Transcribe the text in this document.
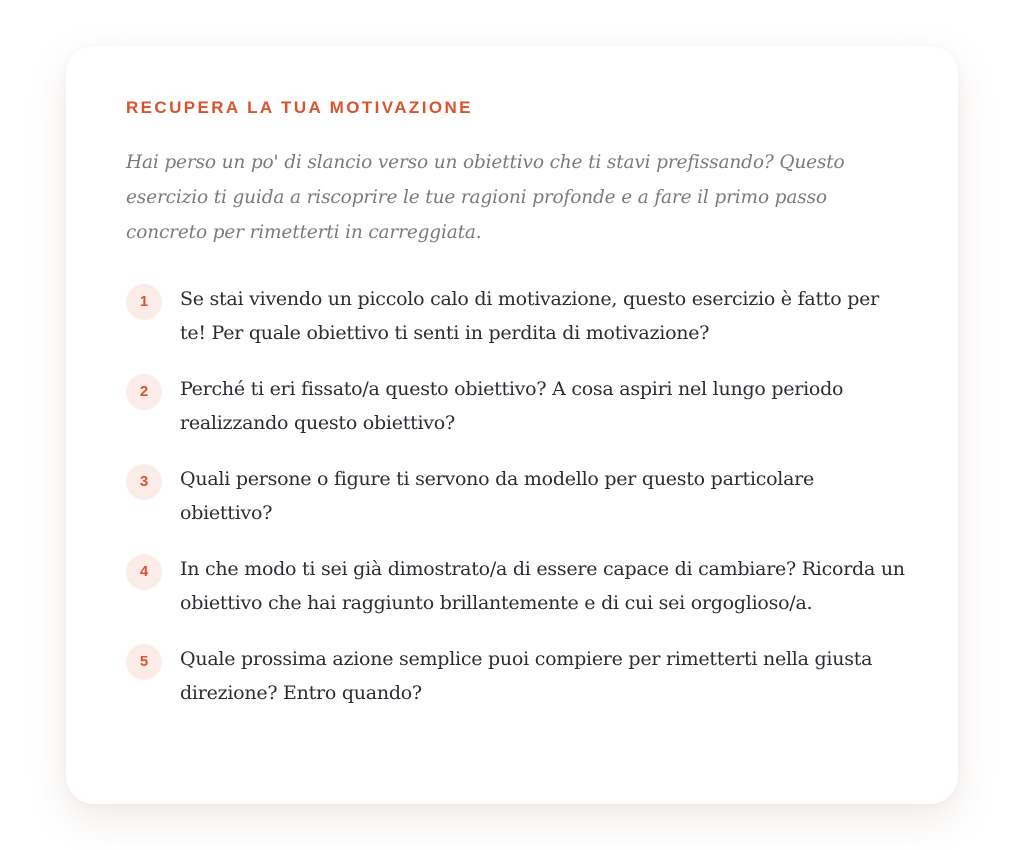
RECUPERA LA TUA MOTIVAZIONE
Hai perso un po' di slancio verso un obiettivo che ti stavi prefissando? Questo esercizio ti guida a riscoprire le tue ragioni profonde e a fare il primo passo concreto per rimetterti in carreggiata.
1	Se stai vivendo un piccolo calo di motivazione, questo esercizio è fatto per te! Per quale obiettivo ti senti in perdita di motivazione?
2	Perché ti eri fissato/a questo obiettivo? A cosa aspiri nel lungo periodo realizzando questo obiettivo?
3	Quali persone o figure ti servono da modello per questo particolare obiettivo?
4	In che modo ti sei già dimostrato/a di essere capace di cambiare? Ricorda un obiettivo che hai raggiunto brillantemente e di cui sei orgoglioso/a.
5	Quale prossima azione semplice puoi compiere per rimetterti nella giusta direzione? Entro quando?
